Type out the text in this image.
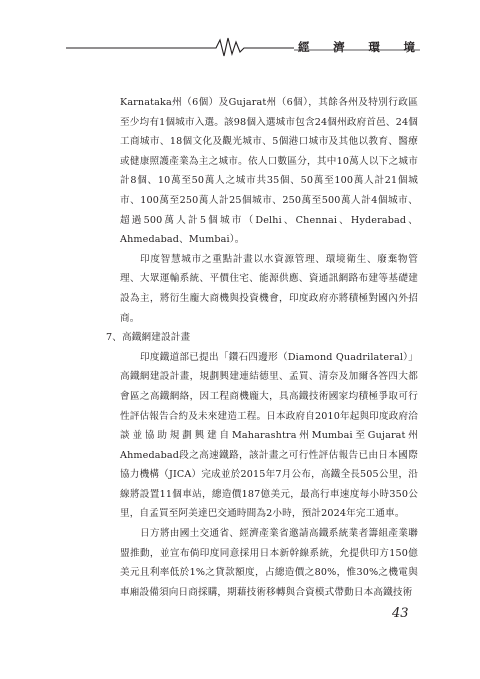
經 濟 環 境

Karnataka州（6個）及Gujarat州（6個），其餘各州及特別行政區至少均有1個城市入選。該98個入選城市包含24個州政府首邑、24個工商城市、18個文化及觀光城市、5個港口城市及其他以教育、醫療或健康照護產業為主之城市。依人口數區分，其中10萬人以下之城市計8個、10萬至50萬人之城市共35個、50萬至100萬人計21個城市、100萬至250萬人計25個城市、250萬至500萬人計4個城市、超過500萬人計5個城市（Delhi、Chennai、Hyderabad、Ahmedabad、Mumbai）。

印度智慧城市之重點計畫以水資源管理、環境衛生、廢棄物管理、大眾運輸系統、平價住宅、能源供應、資通訊網路布建等基礎建設為主，將衍生龐大商機與投資機會，印度政府亦將積極對國內外招商。

7、高鐵網建設計畫

印度鐵道部已提出「鑽石四邊形（Diamond Quadrilateral）」高鐵網建設計畫，規劃興建連結德里、孟買、清奈及加爾各答四大都會區之高鐵網絡，因工程商機龐大，具高鐵技術國家均積極爭取可行性評估報告合約及未來建造工程。日本政府自2010年起與印度政府洽談並協助規劃興建自Maharashtra州Mumbai至Gujarat州Ahmedabad段之高速鐵路，該計畫之可行性評估報告已由日本國際協力機構（JICA）完成並於2015年7月公布，高鐵全長505公里，沿線將設置11個車站，總造價187億美元，最高行車速度每小時350公里，自孟買至阿美達巴交通時間為2小時，預計2024年完工通車。

日方將由國土交通省、經濟產業省邀請高鐵系統業者籌組產業聯盟推動，並宣布倘印度同意採用日本新幹線系統，允提供印方150億美元且利率低於1%之貸款額度，占總造價之80%，惟30%之機電與車廂設備須向日商採購，期藉技術移轉與合資模式帶動日本高鐵技術

43
